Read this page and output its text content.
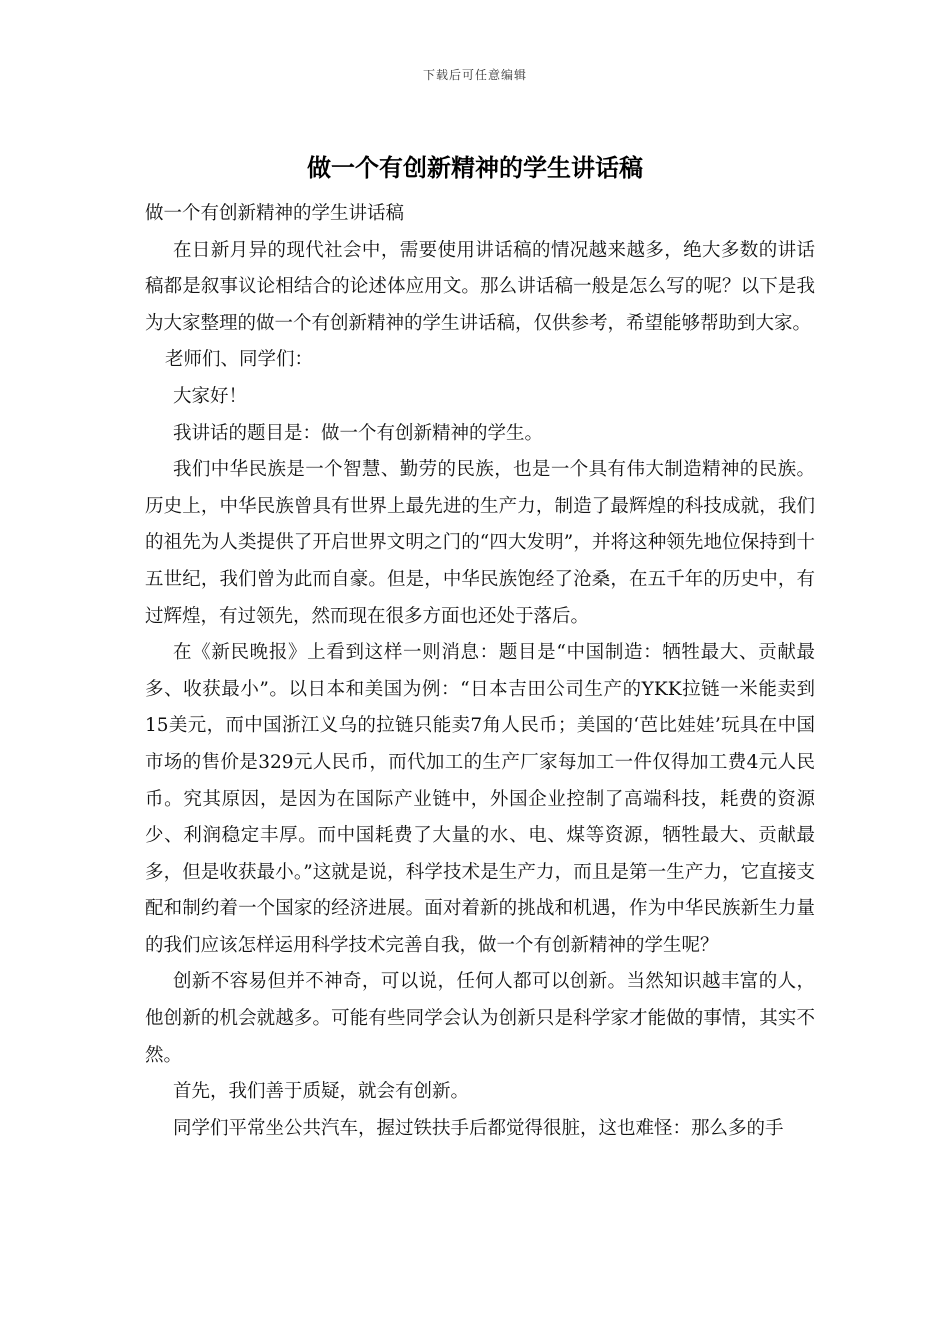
下载后可任意编辑
做一个有创新精神的学生讲话稿

做一个有创新精神的学生讲话稿

在日新月异的现代社会中，需要使用讲话稿的情况越来越多，绝大多数的讲话稿都是叙事议论相结合的论述体应用文。那么讲话稿一般是怎么写的呢？以下是我为大家整理的做一个有创新精神的学生讲话稿，仅供参考，希望能够帮助到大家。

老师们、同学们：

大家好！

我讲话的题目是：做一个有创新精神的学生。

我们中华民族是一个智慧、勤劳的民族，也是一个具有伟大制造精神的民族。历史上，中华民族曾具有世界上最先进的生产力，制造了最辉煌的科技成就，我们的祖先为人类提供了开启世界文明之门的“四大发明”，并将这种领先地位保持到十五世纪，我们曾为此而自豪。但是，中华民族饱经了沧桑，在五千年的历史中，有过辉煌，有过领先，然而现在很多方面也还处于落后。

在《新民晚报》上看到这样一则消息：题目是“中国制造：牺牲最大、贡献最多、收获最小”。以日本和美国为例：“日本吉田公司生产的YKK拉链一米能卖到15美元，而中国浙江义乌的拉链只能卖7角人民币；美国的‘芭比娃娃’玩具在中国市场的售价是329元人民币，而代加工的生产厂家每加工一件仅得加工费4元人民币。究其原因，是因为在国际产业链中，外国企业控制了高端科技，耗费的资源少、利润稳定丰厚。而中国耗费了大量的水、电、煤等资源，牺牲最大、贡献最多，但是收获最小。”这就是说，科学技术是生产力，而且是第一生产力，它直接支配和制约着一个国家的经济进展。面对着新的挑战和机遇，作为中华民族新生力量的我们应该怎样运用科学技术完善自我，做一个有创新精神的学生呢？

创新不容易但并不神奇，可以说，任何人都可以创新。当然知识越丰富的人，他创新的机会就越多。可能有些同学会认为创新只是科学家才能做的事情，其实不然。

首先，我们善于质疑，就会有创新。

同学们平常坐公共汽车，握过铁扶手后都觉得很脏，这也难怪：那么多的手
